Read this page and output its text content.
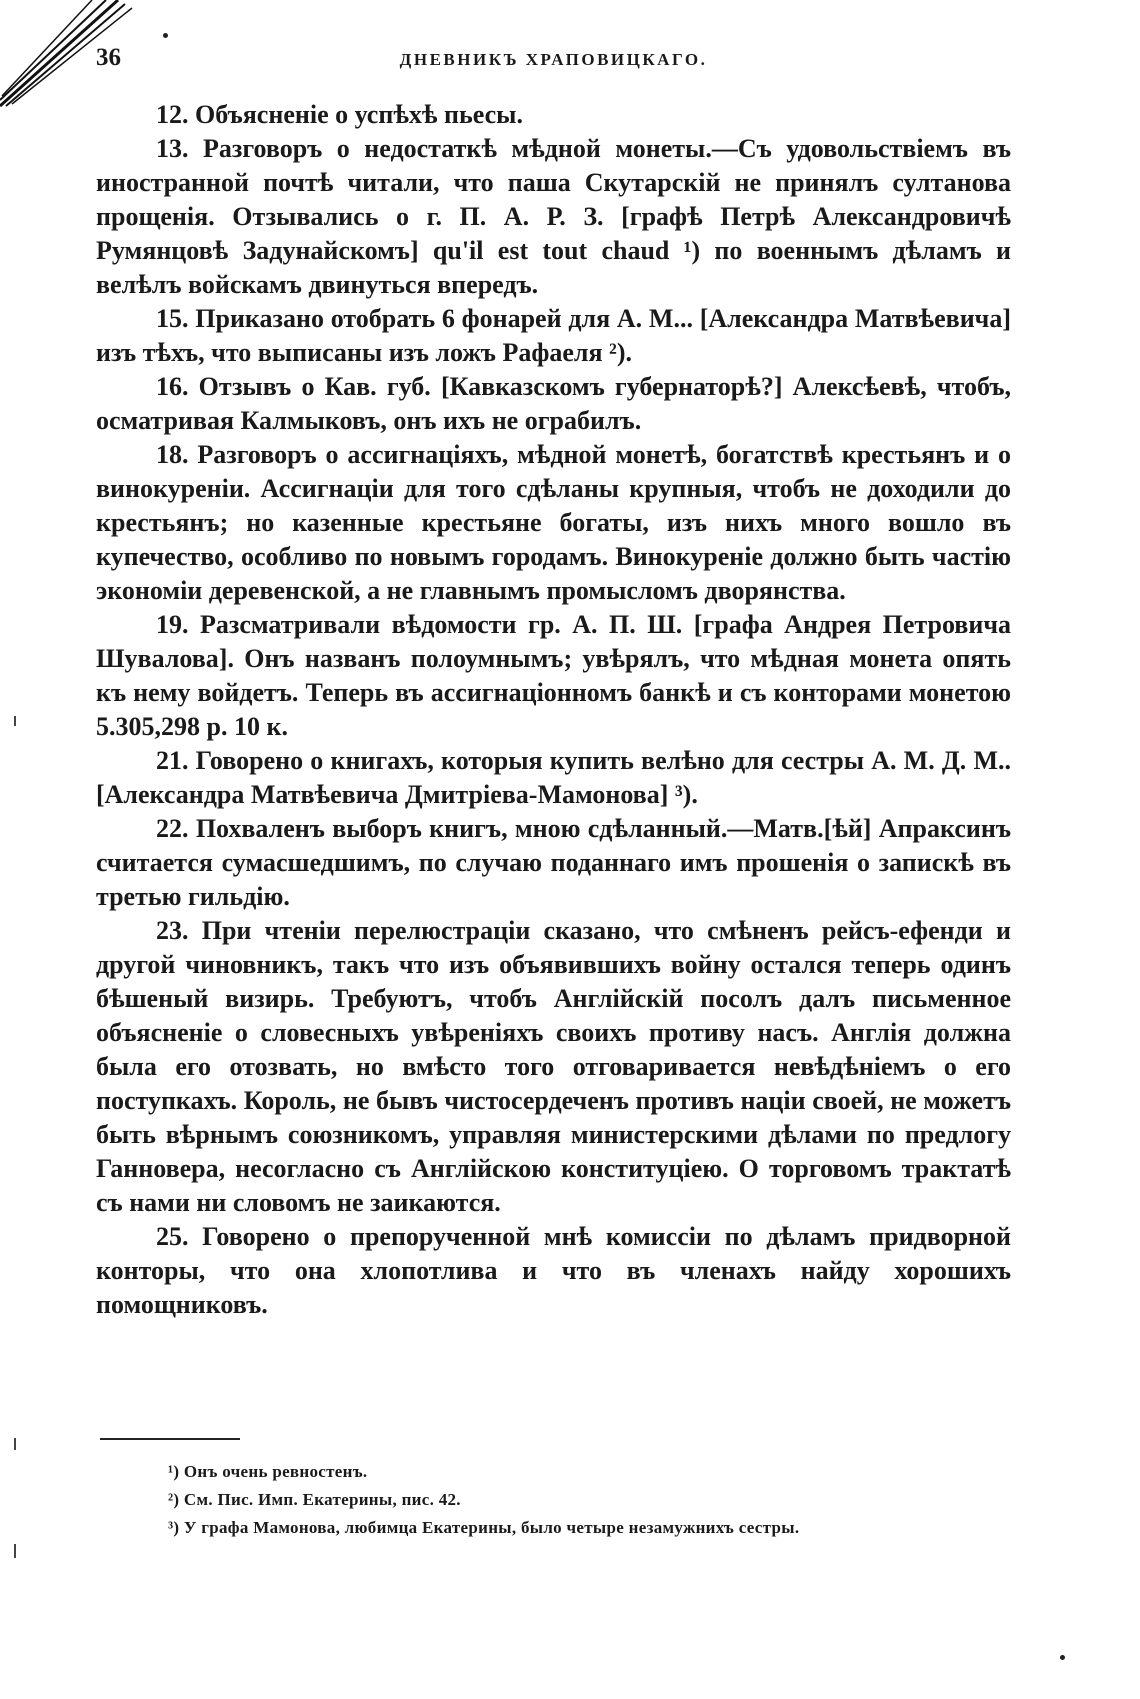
36	ДНЕВНИКЪ ХРАПОВИЦКАГО.

12. Объясненіе о успѣхѣ пьесы.

13. Разговоръ о недостаткѣ мѣдной монеты.—Съ удовольствіемъ въ иностранной почтѣ читали, что паша Скутарскій не принялъ султанова прощенія. Отзывались о г. П. А. Р. З. [графѣ Петрѣ Александровичѣ Румянцовѣ Задунайскомъ] qu'il est tout chaud ¹) по военнымъ дѣламъ и велѣлъ войскамъ двинуться впередъ.

15. Приказано отобрать 6 фонарей для А. М... [Александра Матвѣевича] изъ тѣхъ, что выписаны изъ ложъ Рафаеля ²).

16. Отзывъ о Кав. губ. [Кавказскомъ губернаторѣ?] Алексѣевѣ, чтобъ, осматривая Калмыковъ, онъ ихъ не ограбилъ.

18. Разговоръ о ассигнаціяхъ, мѣдной монетѣ, богатствѣ крестьянъ и о винокуреніи. Ассигнаціи для того сдѣланы крупныя, чтобъ не доходили до крестьянъ; но казенные крестьяне богаты, изъ нихъ много вошло въ купечество, особливо по новымъ городамъ. Винокуреніе должно быть частію экономіи деревенской, а не главнымъ промысломъ дворянства.

19. Разсматривали вѣдомости гр. А. П. Ш. [графа Андрея Петровича Шувалова]. Онъ названъ полоумнымъ; увѣрялъ, что мѣдная монета опять къ нему войдетъ. Теперь въ ассигнаціонномъ банкѣ и съ конторами монетою 5.305,298 р. 10 к.

21. Говорено о книгахъ, которыя купить велѣно для сестры А. М. Д. М.. [Александра Матвѣевича Дмитріева-Мамонова] ³).

22. Похваленъ выборъ книгъ, мною сдѣланный.—Матв.[ѣй] Апраксинъ считается сумасшедшимъ, по случаю поданнаго имъ прошенія о запискѣ въ третью гильдію.

23. При чтеніи перелюстраціи сказано, что смѣненъ рейсъ-ефенди и другой чиновникъ, такъ что изъ объявившихъ войну остался теперь одинъ бѣшеный визирь. Требуютъ, чтобъ Англійскій посолъ далъ письменное объясненіе о словесныхъ увѣреніяхъ своихъ противу насъ. Англія должна была его отозвать, но вмѣсто того отговаривается невѣдѣніемъ о его поступкахъ. Король, не бывъ чистосердеченъ противъ націи своей, не можетъ быть вѣрнымъ союзникомъ, управляя министерскими дѣлами по предлогу Ганновера, несогласно съ Англійскою конституціею. О торговомъ трактатѣ съ нами ни словомъ не заикаются.

25. Говорено о препорученной мнѣ комиссіи по дѣламъ придворной конторы, что она хлопотлива и что въ членахъ найду хорошихъ помощниковъ.

¹) Онъ очень ревностенъ.
²) См. Пис. Имп. Екатерины, пис. 42.
³) У графа Мамонова, любимца Екатерины, было четыре незамужнихъ сестры.
